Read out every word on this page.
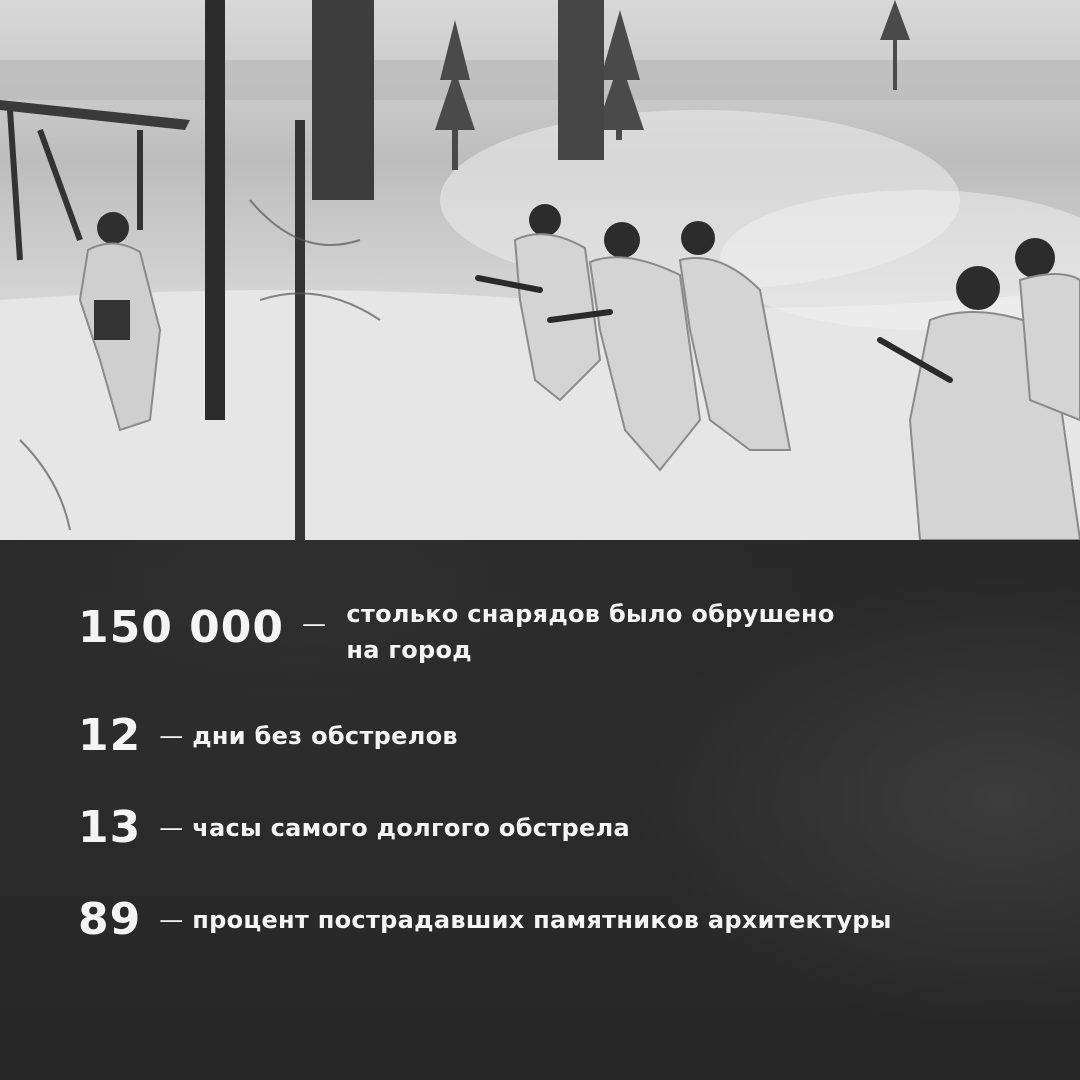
150 000 — столько снарядов было обрушено
на город
12 — дни без обстрелов
13 — часы самого долгого обстрела
89 — процент пострадавших памятников архитектуры
